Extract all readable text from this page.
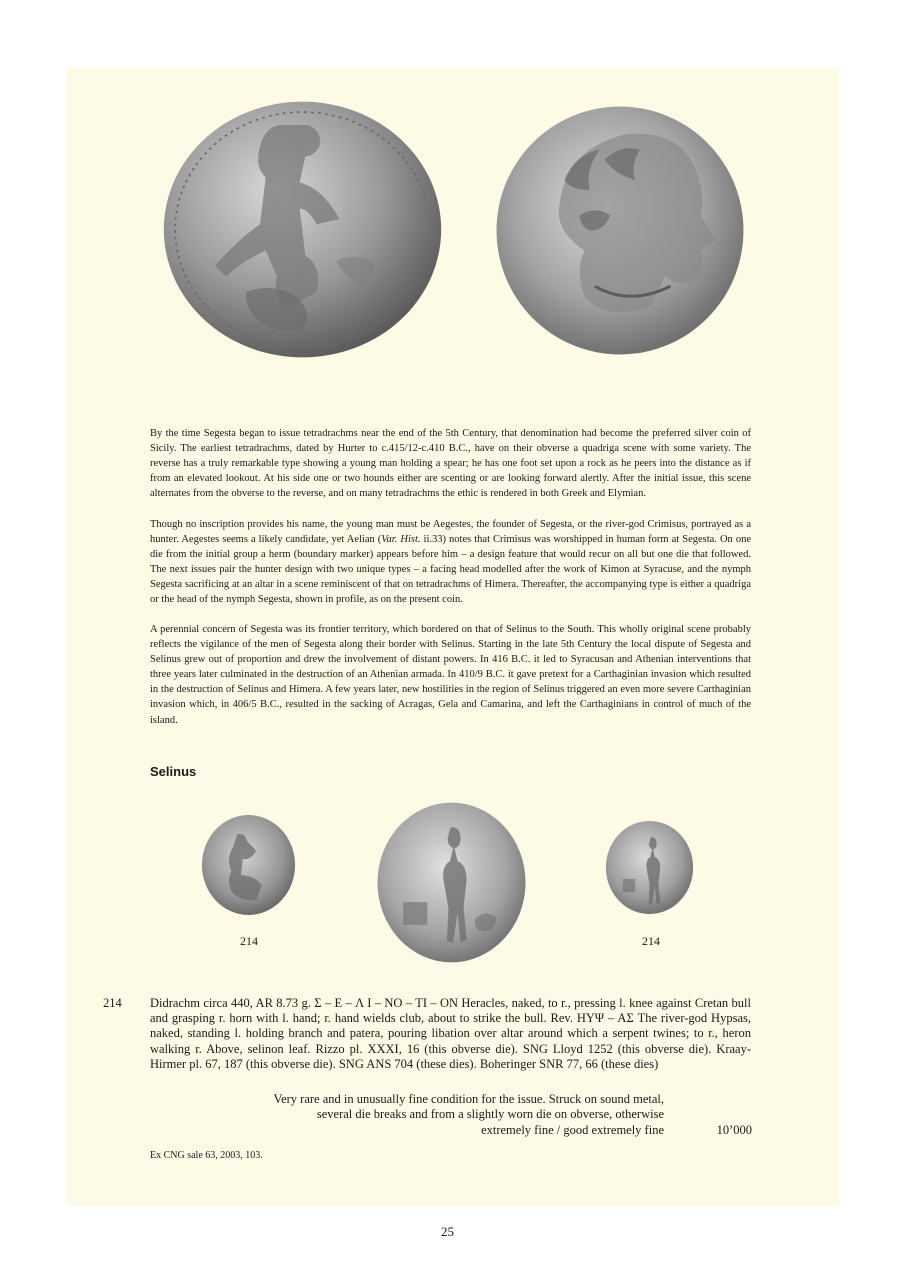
By the time Segesta began to issue tetradrachms near the end of the 5th Century, that denomination had become the preferred silver coin of Sicily. The earliest tetradrachms, dated by Hurter to c.415/12-c.410 B.C., have on their obverse a quadriga scene with some variety. The reverse has a truly remarkable type showing a young man holding a spear; he has one foot set upon a rock as he peers into the distance as if from an elevated lookout. At his side one or two hounds either are scenting or are looking forward alertly. After the initial issue, this scene alternates from the obverse to the reverse, and on many tetradrachms the ethic is rendered in both Greek and Elymian.

Though no inscription provides his name, the young man must be Aegestes, the founder of Segesta, or the river-god Crimisus, portrayed as a hunter. Aegestes seems a likely candidate, yet Aelian (Var. Hist. ii.33) notes that Crimisus was worshipped in human form at Segesta. On one die from the initial group a herm (boundary marker) appears before him – a design feature that would recur on all but one die that followed. The next issues pair the hunter design with two unique types – a facing head modelled after the work of Kimon at Syracuse, and the nymph Segesta sacrificing at an altar in a scene reminiscent of that on tetradrachms of Himera. Thereafter, the accompanying type is either a quadriga or the head of the nymph Segesta, shown in profile, as on the present coin.

A perennial concern of Segesta was its frontier territory, which bordered on that of Selinus to the South. This wholly original scene probably reflects the vigilance of the men of Segesta along their border with Selinus. Starting in the late 5th Century the local dispute of Segesta and Selinus grew out of proportion and drew the involvement of distant powers. In 416 B.C. it led to Syracusan and Athenian interventions that three years later culminated in the destruction of an Athenian armada. In 410/9 B.C. it gave pretext for a Carthaginian invasion which resulted in the destruction of Selinus and Himera. A few years later, new hostilities in the region of Selinus triggered an even more severe Carthaginian invasion which, in 406/5 B.C., resulted in the sacking of Acragas, Gela and Camarina, and left the Carthaginians in control of much of the island.

Selinus
214	214
214 Didrachm circa 440, AR 8.73 g. Σ – E – Λ I – NO – TI – ON Heracles, naked, to r., pressing l. knee against Cretan bull and grasping r. horn with l. hand; r. hand wields club, about to strike the bull. Rev. ΗΥΨ – ΑΣ The river-god Hypsas, naked, standing l. holding branch and patera, pouring libation over altar around which a serpent twines; to r., heron walking r. Above, selinon leaf. Rizzo pl. XXXI, 16 (this obverse die). SNG Lloyd 1252 (this obverse die). Kraay-Hirmer pl. 67, 187 (this obverse die). SNG ANS 704 (these dies). Boheringer SNR 77, 66 (these dies)

Very rare and in unusually fine condition for the issue. Struck on sound metal,
several die breaks and from a slightly worn die on obverse, otherwise
extremely fine / good extremely fine	10’000
Ex CNG sale 63, 2003, 103.
25
